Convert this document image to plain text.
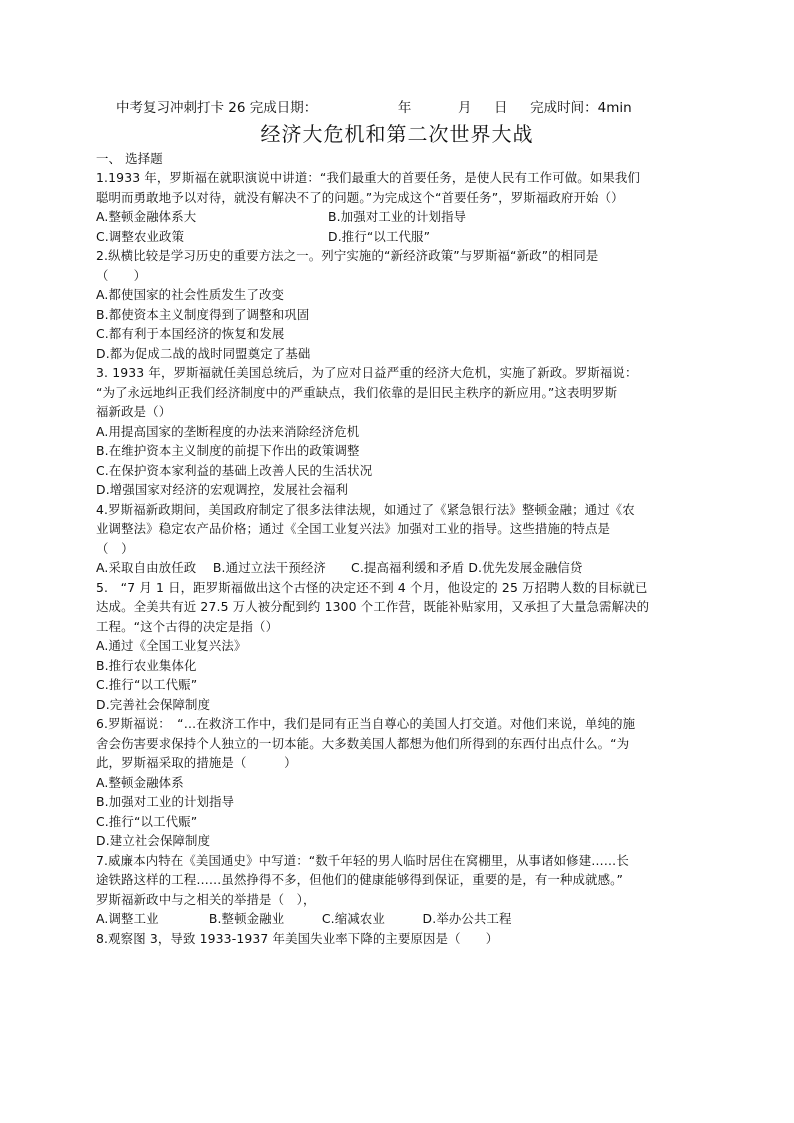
中考复习冲刺打卡 26 完成日期：	年	月 日 完成时间：4min
经济大危机和第二次世界大战
一、 选择题
1.1933 年，罗斯福在就职演说中讲道：“我们最重大的首要任务，是使人民有工作可做。如果我们
聪明而勇敢地予以对待，就没有解决不了的问题。”为完成这个“首要任务”，罗斯福政府开始（）
A.整顿金融体系大	B.加强对工业的计划指导
C.调整农业政策	D.推行“以工代服”
2.纵横比较是学习历史的重要方法之一。列宁实施的“新经济政策”与罗斯福“新政”的相同是
（　　）
A.都使国家的社会性质发生了改变
B.都使资本主义制度得到了调整和巩固
C.都有利于本国经济的恢复和发展
D.都为促成二战的战时同盟奠定了基础
3. 1933 年，罗斯福就任美国总统后，为了应对日益严重的经济大危机，实施了新政。罗斯福说：
“为了永远地纠正我们经济制度中的严重缺点，我们依靠的是旧民主秩序的新应用。”这表明罗斯
福新政是（）
A.用提高国家的垄断程度的办法来消除经济危机
B.在维护资本主义制度的前提下作出的政策调整
C.在保护资本家利益的基础上改善人民的生活状况
D.增强国家对经济的宏观调控，发展社会福利
4.罗斯福新政期间，美国政府制定了很多法律法规，如通过了《紧急银行法》整顿金融；通过《农
业调整法》稳定农产品价格；通过《全国工业复兴法》加强对工业的指导。这些措施的特点是
（　）
A.采取自由放任政　 B.通过立法干预经济　　C.提高福利缓和矛盾 D.优先发展金融信贷
5.　“7 月 1 日，距罗斯福做出这个古怪的决定还不到 4 个月，他设定的 25 万招聘人数的目标就已
达成。全美共有近 27.5 万人被分配到约 1300 个工作营，既能补贴家用，又承担了大量急需解决的
工程。“这个古得的决定是指（）
A.通过《全国工业复兴法》
B.推行农业集体化
C.推行“以工代赈”
D.完善社会保障制度
6.罗斯福说：　“…在救济工作中，我们是同有正当自尊心的美国人打交道。对他们来说，单纯的施
舍会伤害要求保持个人独立的一切本能。大多数美国人都想为他们所得到的东西付出点什么。“为
此，罗斯福采取的措施是（　　　）
A.整顿金融体系
B.加强对工业的计划指导
C.推行“以工代赈”
D.建立社会保障制度
7.威廉本内特在《美国通史》中写道：“数千年轻的男人临时居住在窝棚里，从事诸如修建……长
途铁路这样的工程……虽然挣得不多，但他们的健康能够得到保证，重要的是，有一种成就感。”
罗斯福新政中与之相关的举措是（　），
A.调整工业　　　　B.整顿金融业　　　C.缩减农业　　　D.举办公共工程
8.观察图 3，导致 1933-1937 年美国失业率下降的主要原因是（　　）
